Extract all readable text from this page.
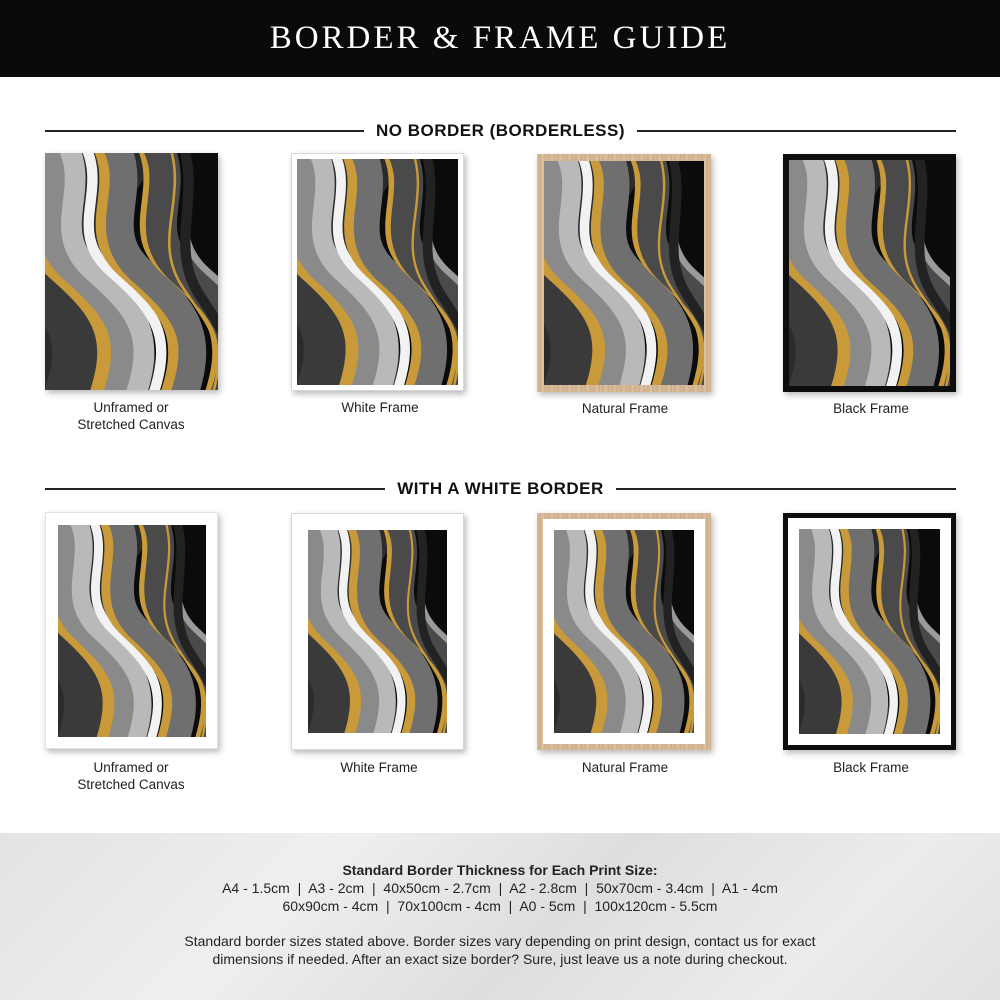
BORDER & FRAME GUIDE
NO BORDER (BORDERLESS)
WITH A WHITE BORDER
Unframed or
Stretched Canvas
White Frame	Natural Frame	Black Frame
Unframed or
Stretched Canvas
White Frame	Natural Frame	Black Frame
Standard Border Thickness for Each Print Size:
A4 - 1.5cm  |  A3 - 2cm  |  40x50cm - 2.7cm  |  A2 - 2.8cm  |  50x70cm - 3.4cm  |  A1 - 4cm
60x90cm - 4cm  |  70x100cm - 4cm  |  A0 - 5cm  |  100x120cm - 5.5cm
Standard border sizes stated above. Border sizes vary depending on print design, contact us for exact
dimensions if needed. After an exact size border? Sure, just leave us a note during checkout.
